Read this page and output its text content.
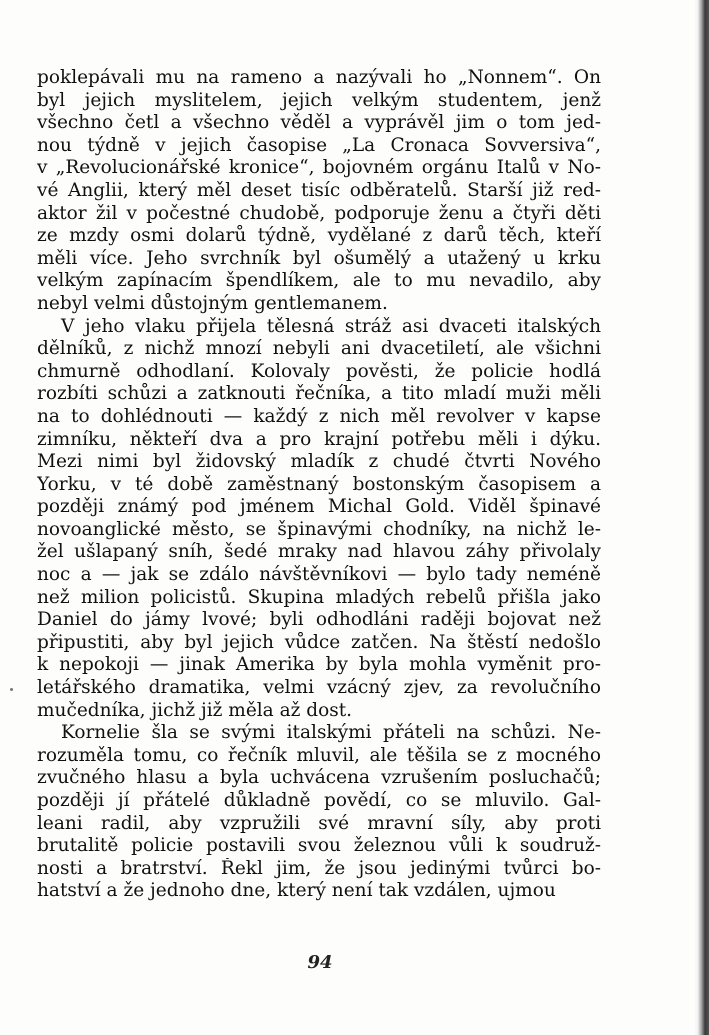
poklepávali mu na rameno a nazývali ho „Nonnem“. On
byl jejich myslitelem, jejich velkým studentem, jenž
všechno četl a všechno věděl a vyprávěl jim o tom jed-
nou týdně v jejich časopise „La Cronaca Sovversiva“,
v „Revolucionářské kronice“, bojovném orgánu Italů v No-
vé Anglii, který měl deset tisíc odběratelů. Starší již red-
aktor žil v počestné chudobě, podporuje ženu a čtyři děti
ze mzdy osmi dolarů týdně, vydělané z darů těch, kteří
měli více. Jeho svrchník byl ošumělý a utažený u krku
velkým zapínacím špendlíkem, ale to mu nevadilo, aby
nebyl velmi důstojným gentlemanem.

V jeho vlaku přijela tělesná stráž asi dvaceti italských
dělníků, z nichž mnozí nebyli ani dvacetiletí, ale všichni
chmurně odhodlaní. Kolovaly pověsti, že policie hodlá
rozbíti schůzi a zatknouti řečníka, a tito mladí muži měli
na to dohlédnouti — každý z nich měl revolver v kapse
zimníku, někteří dva a pro krajní potřebu měli i dýku.
Mezi nimi byl židovský mladík z chudé čtvrti Nového
Yorku, v té době zaměstnaný bostonským časopisem a
později známý pod jménem Michal Gold. Viděl špinavé
novoanglické město, se špinavými chodníky, na nichž le-
žel ušlapaný sníh, šedé mraky nad hlavou záhy přivolaly
noc a — jak se zdálo návštěvníkovi — bylo tady neméně
než milion policistů. Skupina mladých rebelů přišla jako
Daniel do jámy lvové; byli odhodláni raději bojovat než
připustiti, aby byl jejich vůdce zatčen. Na štěstí nedošlo
k nepokoji — jinak Amerika by byla mohla vyměnit pro-
letářského dramatika, velmi vzácný zjev, za revolučního
mučedníka, jichž již měla až dost.

Kornelie šla se svými italskými přáteli na schůzi. Ne-
rozuměla tomu, co řečník mluvil, ale těšila se z mocného
zvučného hlasu a byla uchvácena vzrušením posluchačů;
později jí přátelé důkladně povědí, co se mluvilo. Gal-
leani radil, aby vzpružili své mravní síly, aby proti
brutalitě policie postavili svou železnou vůli k soudruž-
nosti a bratrství. Řekl jim, že jsou jedinými tvůrci bo-
hatství a že jednoho dne, který není tak vzdálen, ujmou

94
